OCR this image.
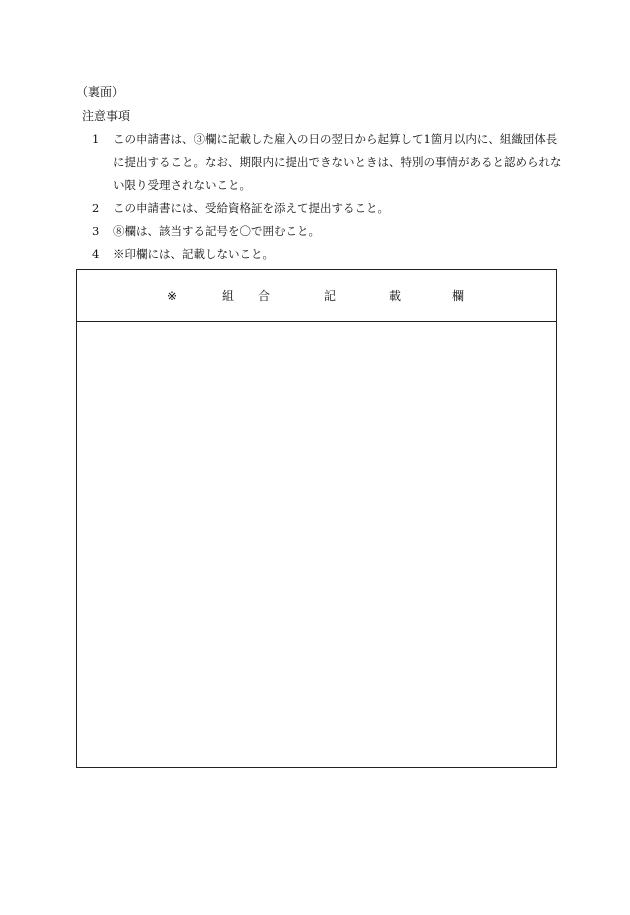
（裏面）
注意事項
1	この申請書は、③欄に記載した雇入の日の翌日から起算して1箇月以内に、組織団体長に提出すること。なお、期限内に提出できないときは、特別の事情があると認められない限り受理されないこと。
2	この申請書には、受給資格証を添えて提出すること。
3	⑧欄は、該当する記号を〇で囲むこと。
4	※印欄には、記載しないこと。
※	組 合	記	載	欄
